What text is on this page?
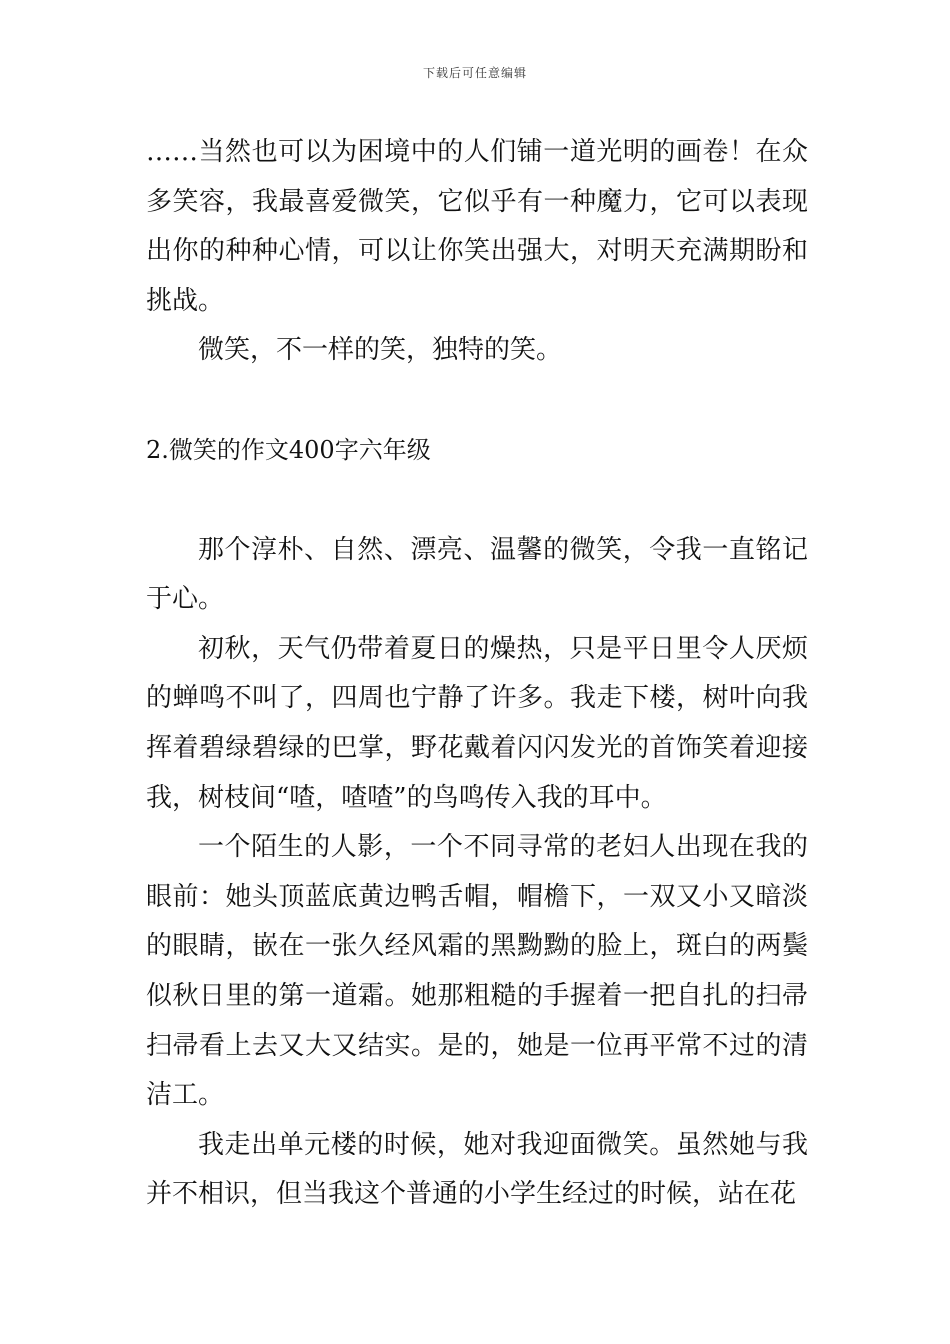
下载后可任意编辑

……当然也可以为困境中的人们铺一道光明的画卷！在众多笑容，我最喜爱微笑，它似乎有一种魔力，它可以表现出你的种种心情，可以让你笑出强大，对明天充满期盼和挑战。

微笑，不一样的笑，独特的笑。

2.微笑的作文400字六年级

那个淳朴、自然、漂亮、温馨的微笑，令我一直铭记于心。

初秋，天气仍带着夏日的燥热，只是平日里令人厌烦的蝉鸣不叫了，四周也宁静了许多。我走下楼，树叶向我挥着碧绿碧绿的巴掌，野花戴着闪闪发光的首饰笑着迎接我，树枝间“喳，喳喳”的鸟鸣传入我的耳中。

一个陌生的人影，一个不同寻常的老妇人出现在我的眼前：她头顶蓝底黄边鸭舌帽，帽檐下，一双又小又暗淡的眼睛，嵌在一张久经风霜的黑黝黝的脸上，斑白的两鬓似秋日里的第一道霜。她那粗糙的手握着一把自扎的扫帚扫帚看上去又大又结实。是的，她是一位再平常不过的清洁工。

我走出单元楼的时候，她对我迎面微笑。虽然她与我并不相识，但当我这个普通的小学生经过的时候，站在花
